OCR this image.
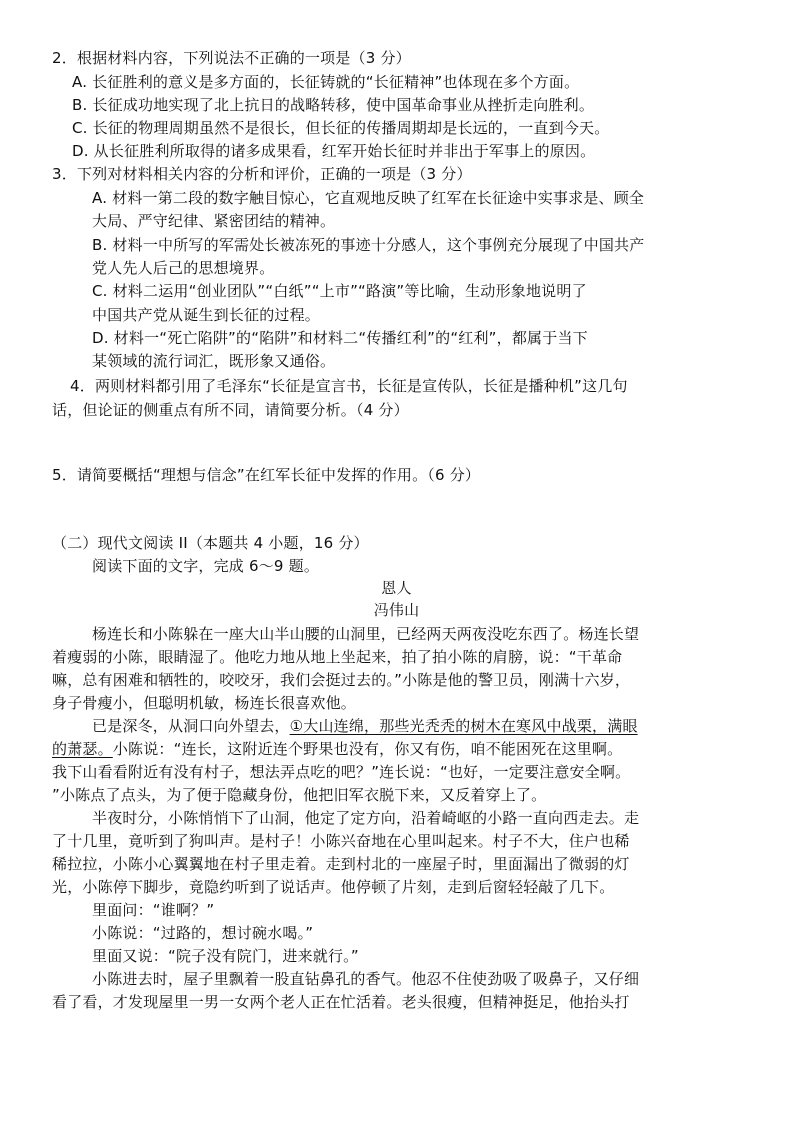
2．根据材料内容，下列说法不正确的一项是（3 分）
A. 长征胜利的意义是多方面的，长征铸就的“长征精神”也体现在多个方面。
B. 长征成功地实现了北上抗日的战略转移，使中国革命事业从挫折走向胜利。
C. 长征的物理周期虽然不是很长，但长征的传播周期却是长远的，一直到今天。
D. 从长征胜利所取得的诸多成果看，红军开始长征时并非出于军事上的原因。
3．下列对材料相关内容的分析和评价，正确的一项是（3 分）
A. 材料一第二段的数字触目惊心，它直观地反映了红军在长征途中实事求是、顾全
大局、严守纪律、紧密团结的精神。
B. 材料一中所写的军需处长被冻死的事迹十分感人，这个事例充分展现了中国共产
党人先人后己的思想境界。
C. 材料二运用“创业团队”“白纸”“上市”“路演”等比喻，生动形象地说明了
中国共产党从诞生到长征的过程。
D. 材料一“死亡陷阱”的“陷阱”和材料二“传播红利”的“红利”，都属于当下
某领域的流行词汇，既形象又通俗。
4．两则材料都引用了毛泽东“长征是宣言书，长征是宣传队，长征是播种机”这几句
话，但论证的侧重点有所不同，请简要分析。（4 分）
5．请简要概括“理想与信念”在红军长征中发挥的作用。（6 分）
（二）现代文阅读 II（本题共 4 小题，16 分）
阅读下面的文字，完成 6～9 题。
恩人
冯伟山
杨连长和小陈躲在一座大山半山腰的山洞里，已经两天两夜没吃东西了。杨连长望
着瘦弱的小陈，眼睛湿了。他吃力地从地上坐起来，拍了拍小陈的肩膀，说：“干革命
嘛，总有困难和牺牲的，咬咬牙，我们会挺过去的。”小陈是他的警卫员，刚满十六岁，
身子骨瘦小，但聪明机敏，杨连长很喜欢他。
已是深冬，从洞口向外望去，①大山连绵，那些光秃秃的树木在寒风中战栗，满眼
的萧瑟。小陈说：“连长，这附近连个野果也没有，你又有伤，咱不能困死在这里啊。
我下山看看附近有没有村子，想法弄点吃的吧？”连长说：“也好，一定要注意安全啊。
”小陈点了点头，为了便于隐藏身份，他把旧军衣脱下来，又反着穿上了。
半夜时分，小陈悄悄下了山洞，他定了定方向，沿着崎岖的小路一直向西走去。走
了十几里，竟听到了狗叫声。是村子！小陈兴奋地在心里叫起来。村子不大，住户也稀
稀拉拉，小陈小心翼翼地在村子里走着。走到村北的一座屋子时，里面漏出了微弱的灯
光，小陈停下脚步，竟隐约听到了说话声。他停顿了片刻，走到后窗轻轻敲了几下。
里面问：“谁啊？”
小陈说：“过路的，想讨碗水喝。”
里面又说：“院子没有院门，进来就行。”
小陈进去时，屋子里飘着一股直钻鼻孔的香气。他忍不住使劲吸了吸鼻子，又仔细
看了看，才发现屋里一男一女两个老人正在忙活着。老头很瘦，但精神挺足，他抬头打
